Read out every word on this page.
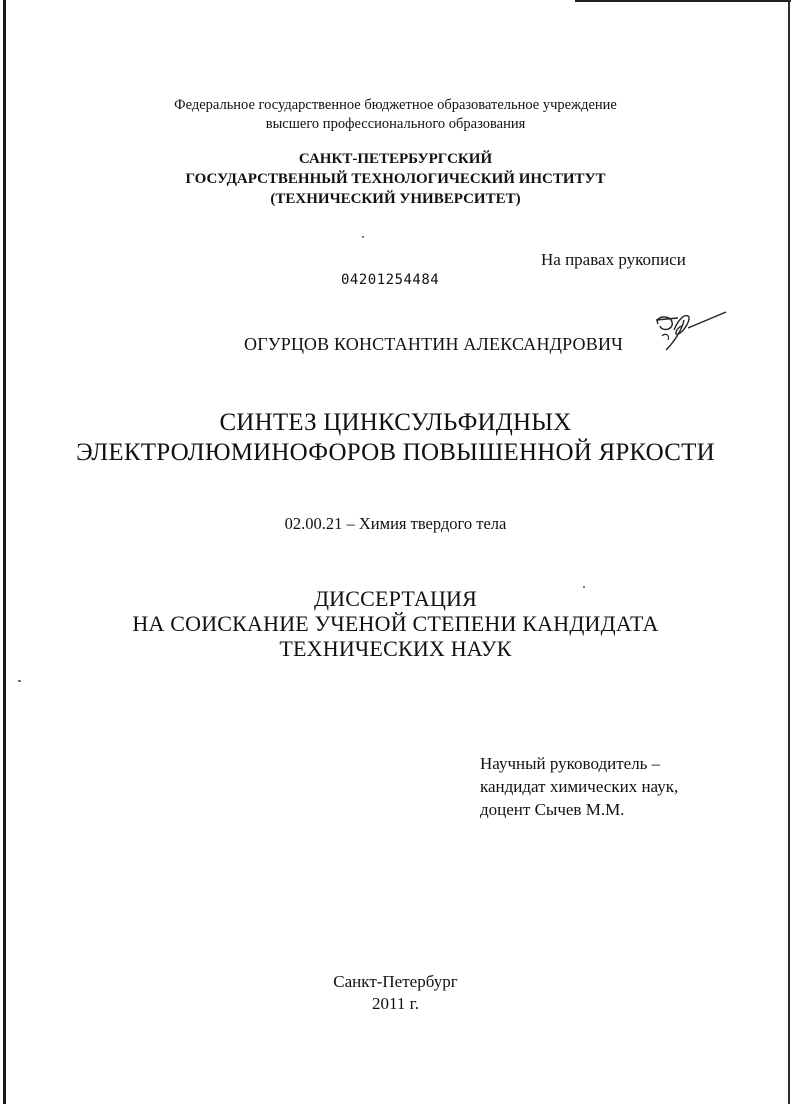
Федеральное государственное бюджетное образовательное учреждение
высшего профессионального образования
САНКТ-ПЕТЕРБУРГСКИЙ
ГОСУДАРСТВЕННЫЙ ТЕХНОЛОГИЧЕСКИЙ ИНСТИТУТ
(ТЕХНИЧЕСКИЙ УНИВЕРСИТЕТ)
На правах рукописи
04201254484
ОГУРЦОВ КОНСТАНТИН АЛЕКСАНДРОВИЧ
СИНТЕЗ ЦИНКСУЛЬФИДНЫХ
ЭЛЕКТРОЛЮМИНОФОРОВ ПОВЫШЕННОЙ ЯРКОСТИ
02.00.21 – Химия твердого тела
ДИССЕРТАЦИЯ
НА СОИСКАНИЕ УЧЕНОЙ СТЕПЕНИ КАНДИДАТА
ТЕХНИЧЕСКИХ НАУК
Научный руководитель –
кандидат химических наук,
доцент Сычев М.М.
Санкт-Петербург
2011 г.
